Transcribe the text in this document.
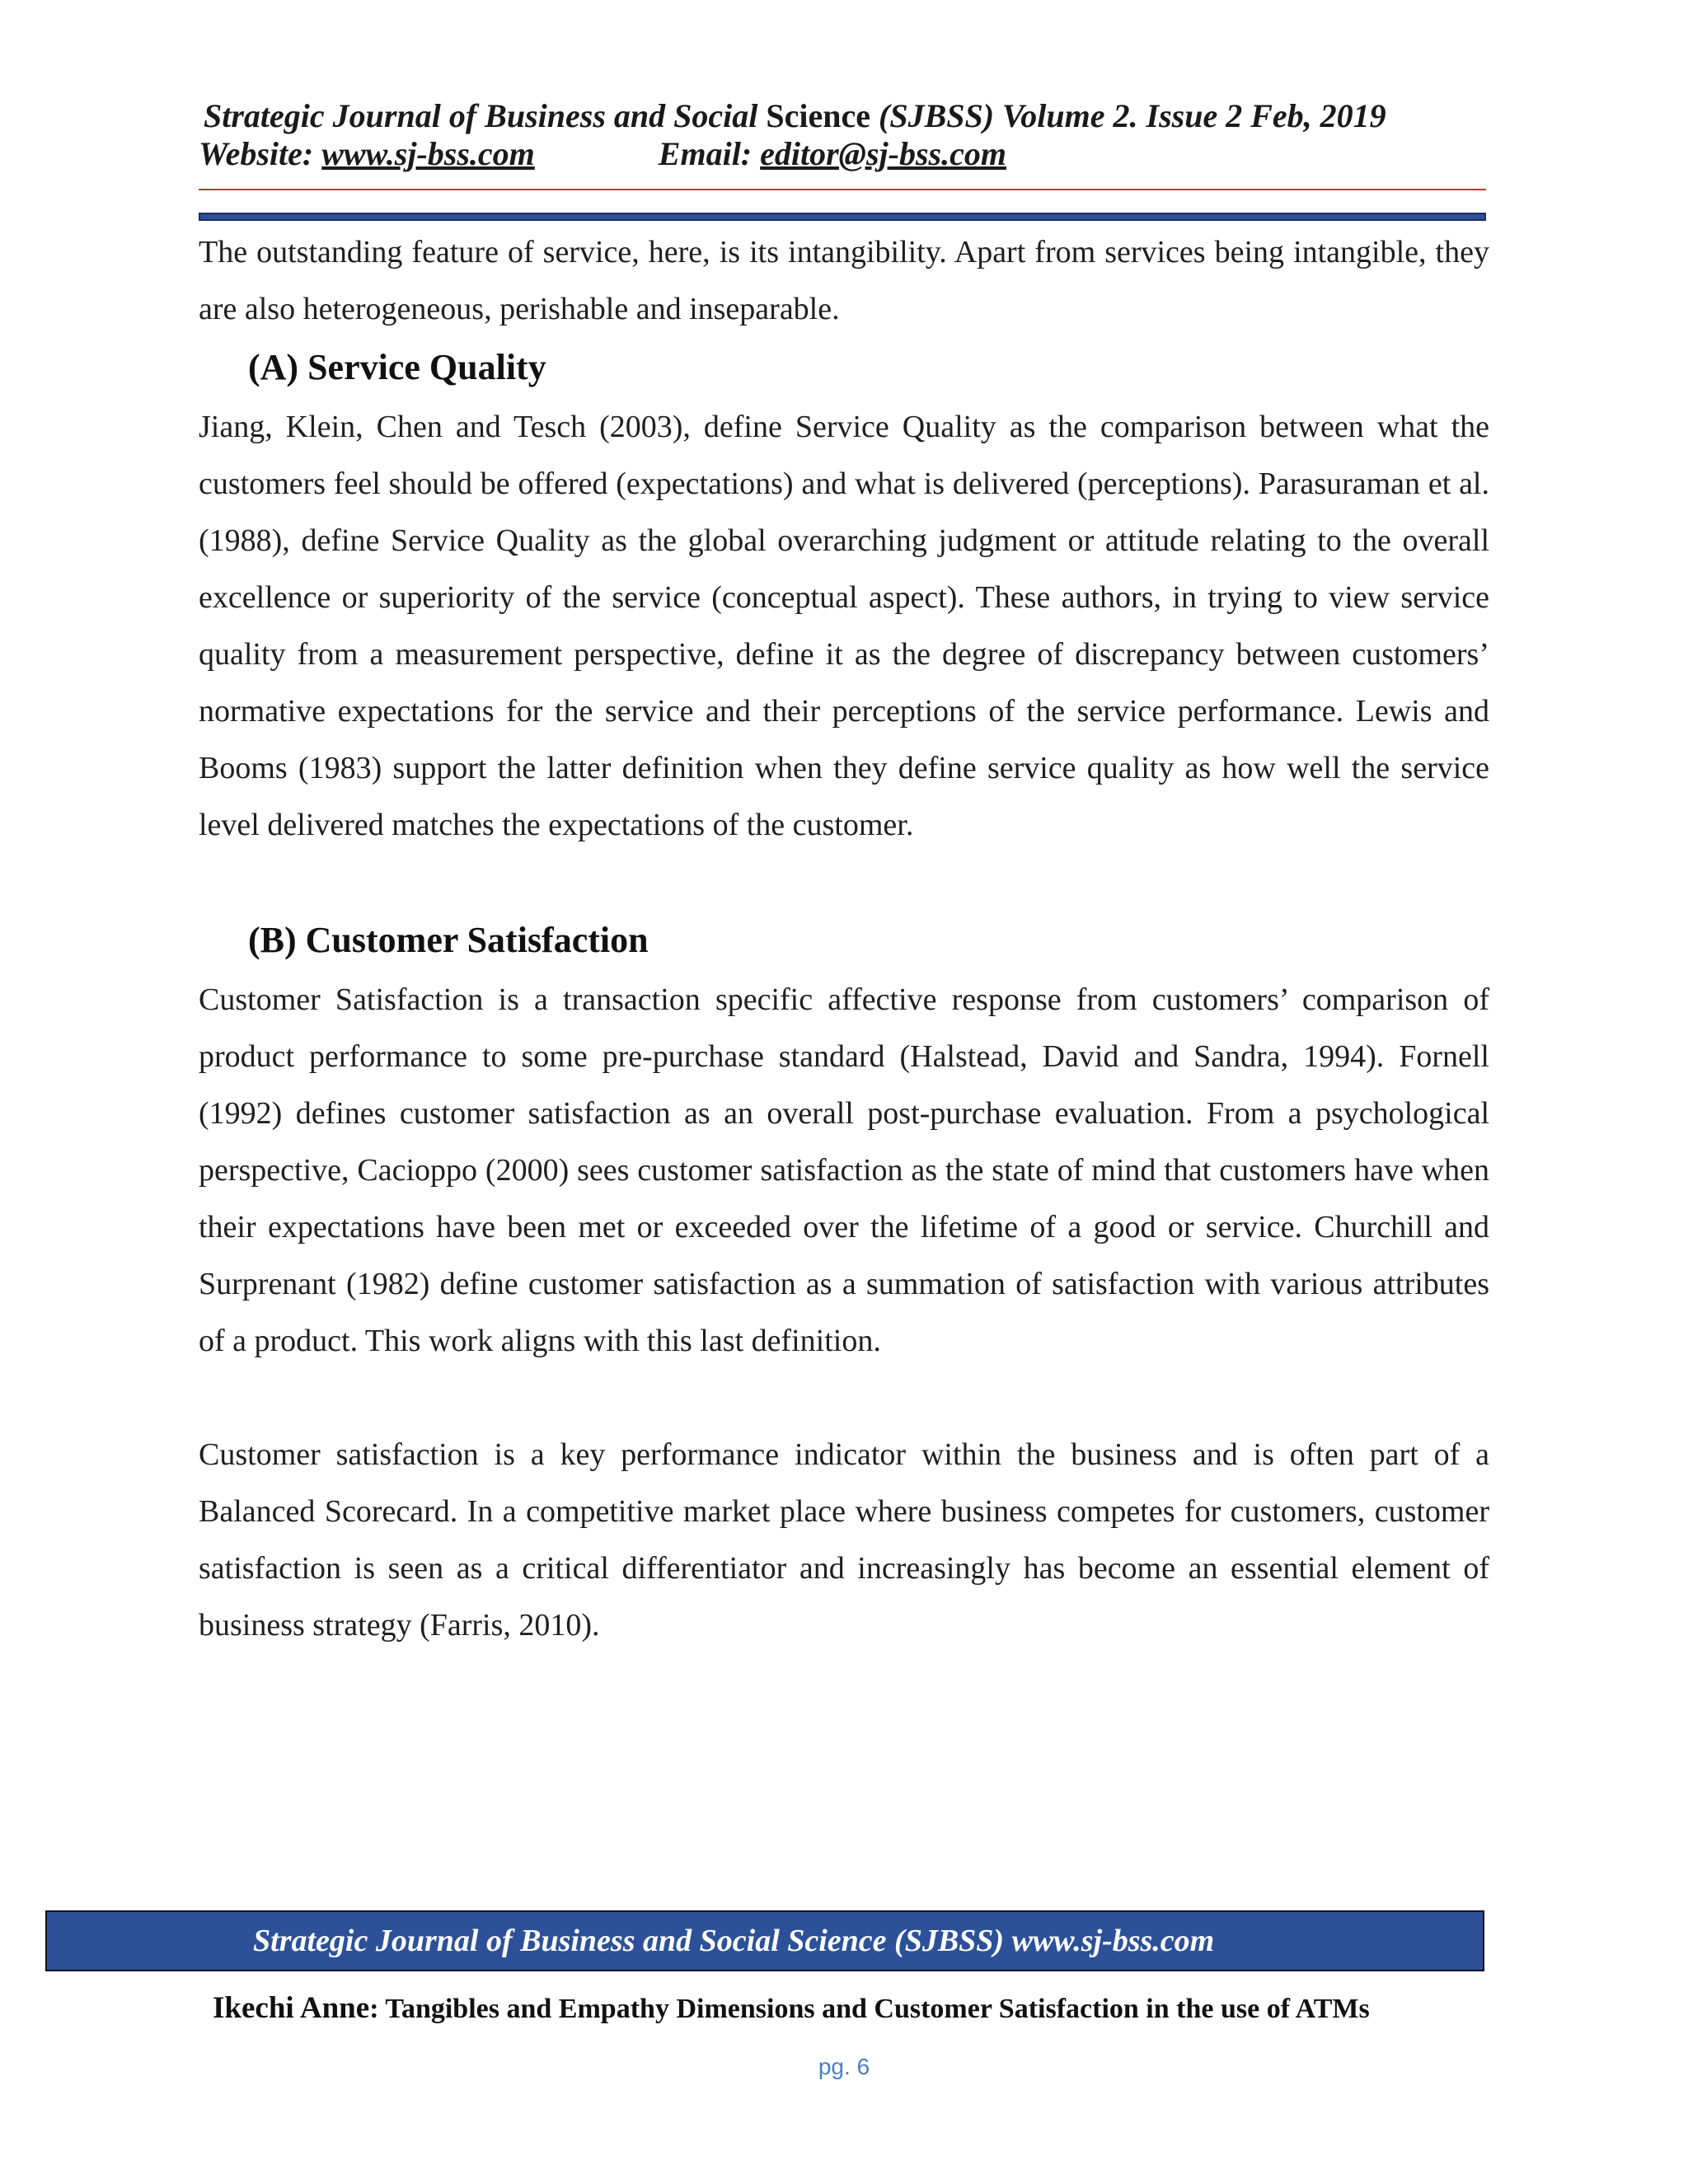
Strategic Journal of Business and Social Science (SJBSS) Volume 2. Issue 2 Feb, 2019
Website: www.sj-bss.com	Email: editor@sj-bss.com

The outstanding feature of service, here, is its intangibility. Apart from services being intangible, they are also heterogeneous, perishable and inseparable.

(A) Service Quality

Jiang, Klein, Chen and Tesch (2003), define Service Quality as the comparison between what the customers feel should be offered (expectations) and what is delivered (perceptions). Parasuraman et al. (1988), define Service Quality as the global overarching judgment or attitude relating to the overall excellence or superiority of the service (conceptual aspect). These authors, in trying to view service quality from a measurement perspective, define it as the degree of discrepancy between customers’ normative expectations for the service and their perceptions of the service performance. Lewis and Booms (1983) support the latter definition when they define service quality as how well the service level delivered matches the expectations of the customer.

(B) Customer Satisfaction

Customer Satisfaction is a transaction specific affective response from customers’ comparison of product performance to some pre-purchase standard (Halstead, David and Sandra, 1994). Fornell (1992) defines customer satisfaction as an overall post-purchase evaluation. From a psychological perspective, Cacioppo (2000) sees customer satisfaction as the state of mind that customers have when their expectations have been met or exceeded over the lifetime of a good or service. Churchill and Surprenant (1982) define customer satisfaction as a summation of satisfaction with various attributes of a product. This work aligns with this last definition.

Customer satisfaction is a key performance indicator within the business and is often part of a Balanced Scorecard. In a competitive market place where business competes for customers, customer satisfaction is seen as a critical differentiator and increasingly has become an essential element of business strategy (Farris, 2010).

Strategic Journal of Business and Social Science (SJBSS) www.sj-bss.com
Ikechi Anne: Tangibles and Empathy Dimensions and Customer Satisfaction in the use of ATMs
pg. 6
